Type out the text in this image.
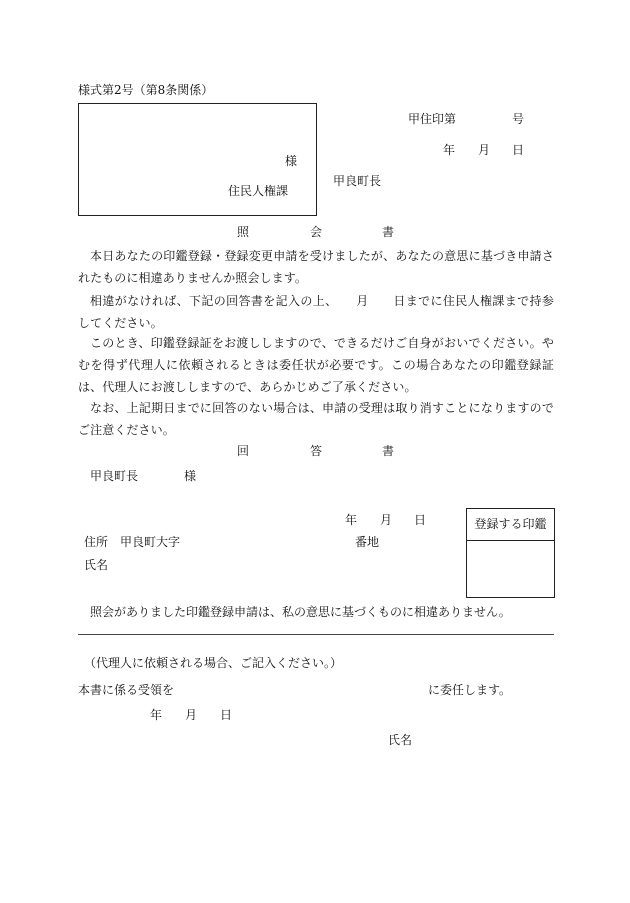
様式第2号（第8条関係）
様
住民人権課
甲住印第	号
年 月 日
甲良町長
照	会	書
本日あなたの印鑑登録・登録変更申請を受けましたが、あなたの意思に基づき申請されたものに相違ありませんか照会します。
相違がなければ、下記の回答書を記入の上、　　月　　日までに住民人権課まで持参してください。
このとき、印鑑登録証をお渡ししますので、できるだけご自身がおいでください。やむを得ず代理人に依頼されるときは委任状が必要です。この場合あなたの印鑑登録証は、代理人にお渡ししますので、あらかじめご了承ください。
なお、上記期日までに回答のない場合は、申請の受理は取り消すことになりますのでご注意ください。
回	答	書
甲良町長	様
年 月 日
住所 甲良町大字	番地
氏名
登録する印鑑
照会がありました印鑑登録申請は、私の意思に基づくものに相違ありません。
（代理人に依頼される場合、ご記入ください。）
本書に係る受領を	に委任します。
年 月 日
氏名
